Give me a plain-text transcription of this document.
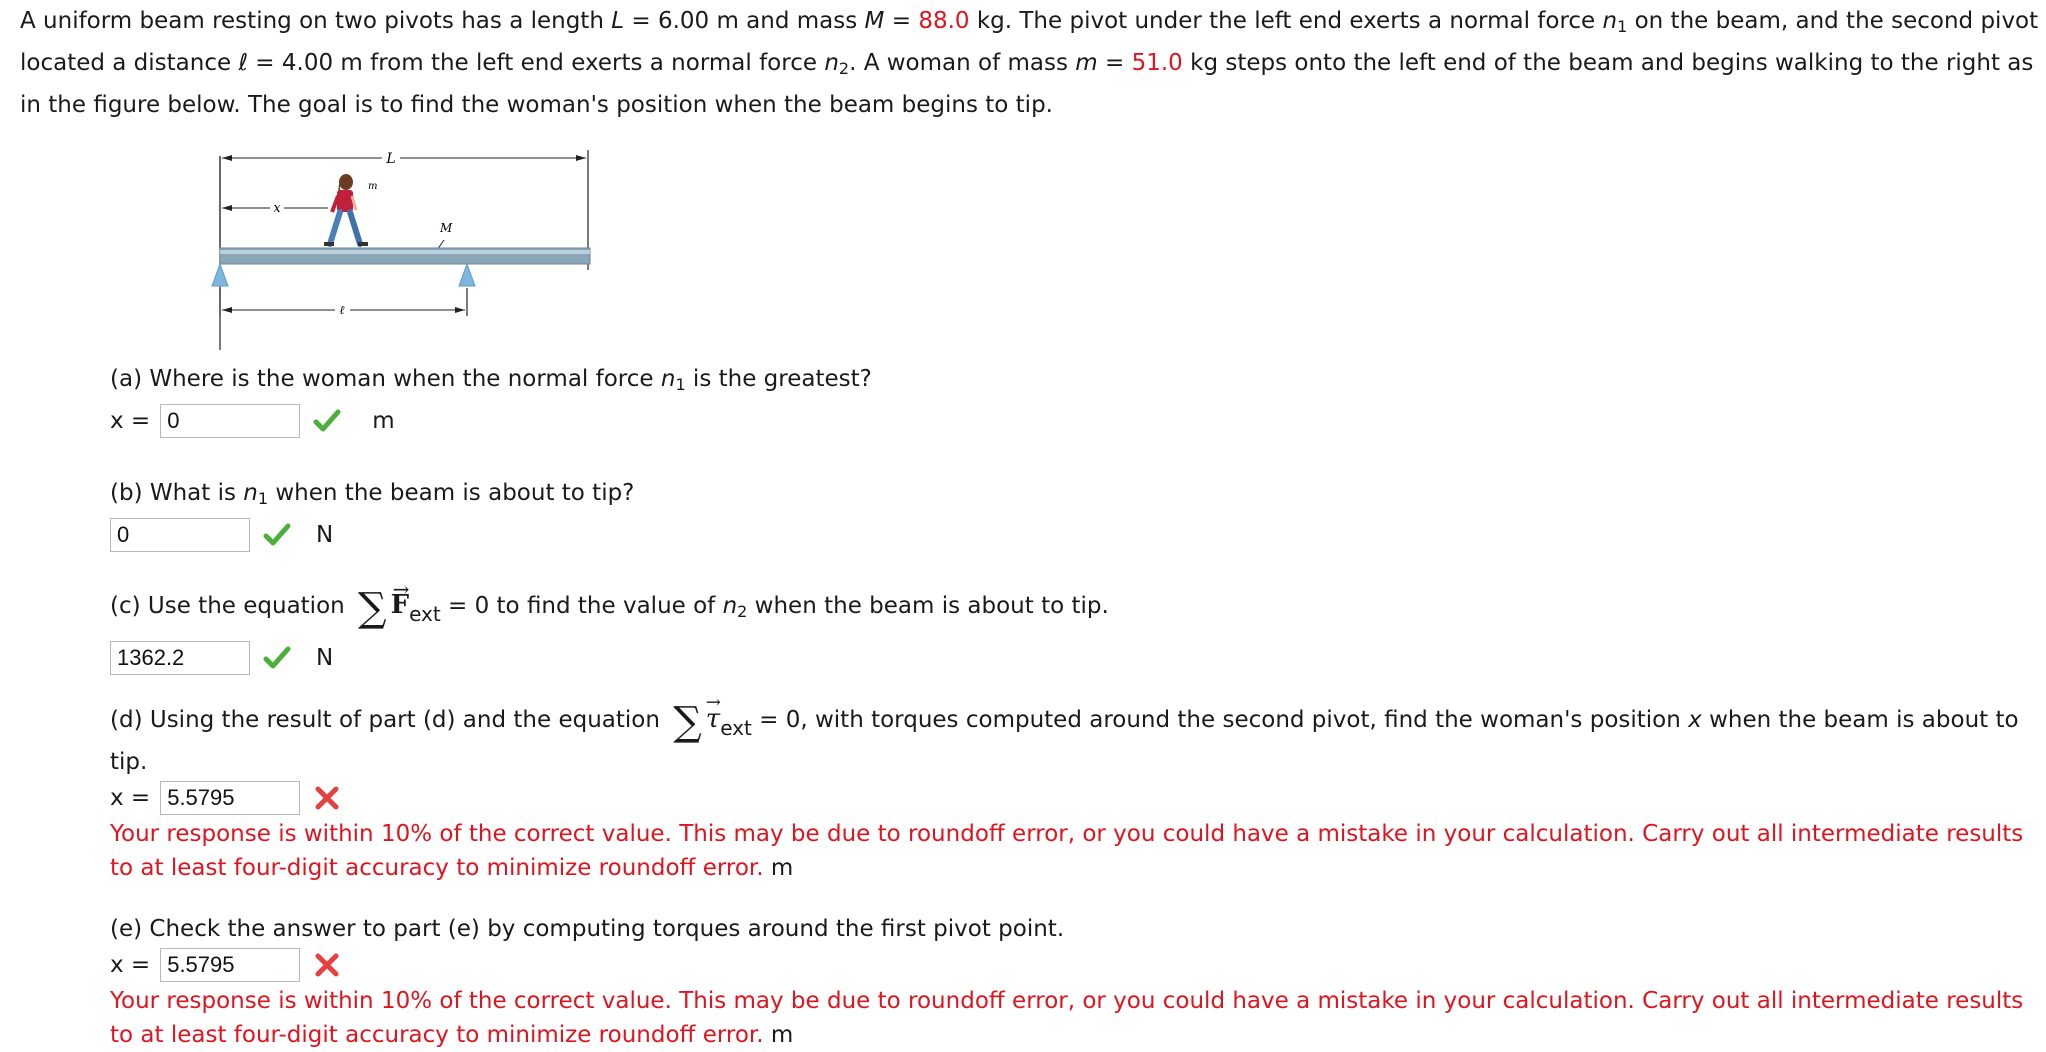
A uniform beam resting on two pivots has a length L = 6.00 m and mass M = 88.0 kg. The pivot under the left end exerts a normal force $n_1$ on the beam, and the second pivot
located a distance ℓ = 4.00 m from the left end exerts a normal force $n_2$. A woman of mass m = 51.0 kg steps onto the left end of the beam and begins walking to the right as
in the figure below. The goal is to find the woman's position when the beam begins to tip.
L
x
m
M
ℓ
(a) Where is the woman when the normal force $n_1$ is the greatest?
x = 0	m
(b) What is $n_1$ when the beam is about to tip?
0	N
(c) Use the equation ∑ → Fext = 0 to find the value of $n_2$ when the beam is about to tip.
1362.2	N
(d) Using the result of part (d) and the equation ∑ → τext = 0, with torques computed around the second pivot, find the woman's position x when the beam is about to
tip.
x = 5.5795
Your response is within 10% of the correct value. This may be due to roundoff error, or you could have a mistake in your calculation. Carry out all intermediate results
to at least four-digit accuracy to minimize roundoff error. m
(e) Check the answer to part (e) by computing torques around the first pivot point.
x = 5.5795
Your response is within 10% of the correct value. This may be due to roundoff error, or you could have a mistake in your calculation. Carry out all intermediate results
to at least four-digit accuracy to minimize roundoff error. m
